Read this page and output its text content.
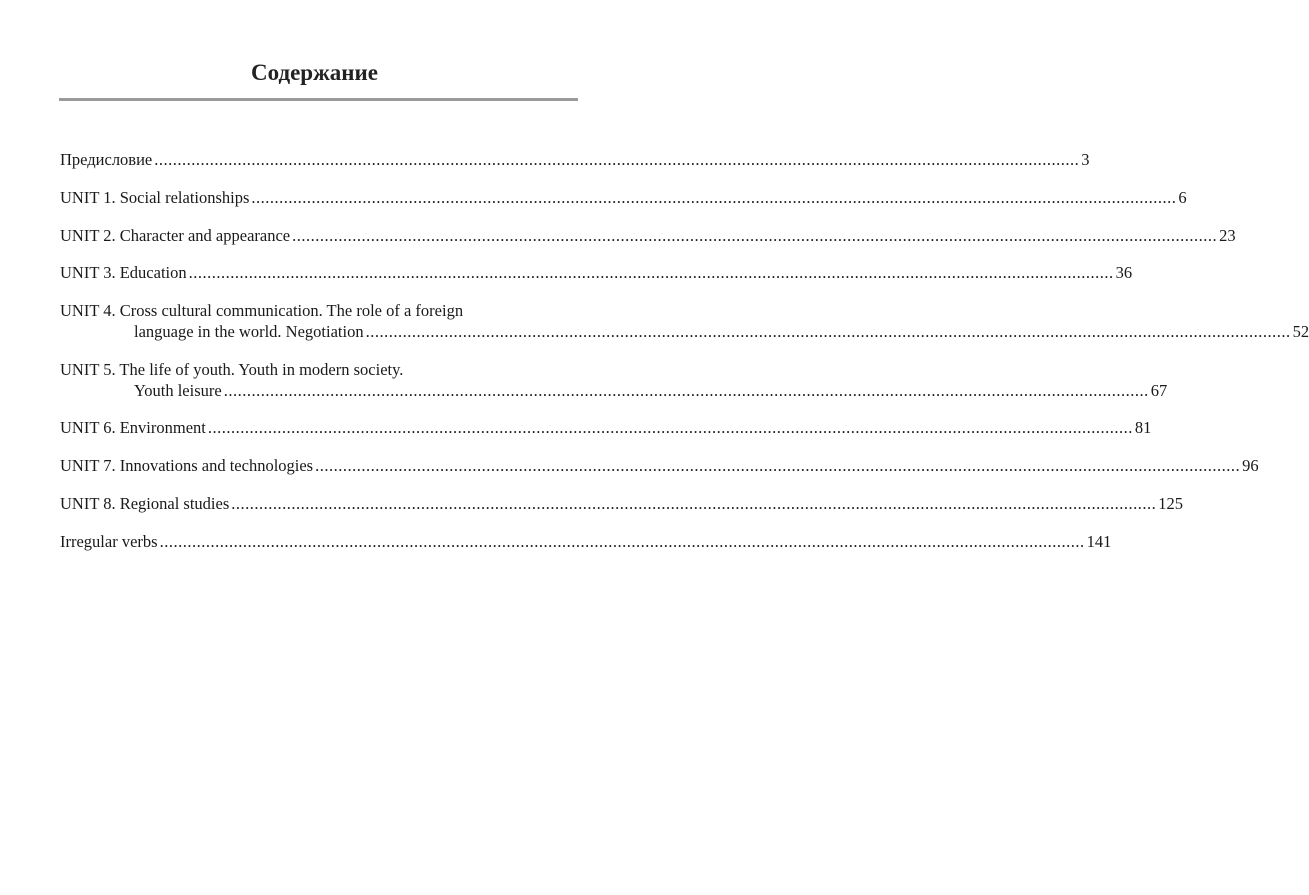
Содержание
Предисловие .....	3
UNIT 1. Social relationships .....	6
UNIT 2. Character and appearance .....	23
UNIT 3. Education .....	36
UNIT 4. Cross cultural communication. The role of a foreign
language in the world. Negotiation .....	52
UNIT 5. The life of youth. Youth in modern society.
Youth leisure .....	67
UNIT 6. Environment .....	81
UNIT 7. Innovations and technologies .....	96
UNIT 8. Regional studies .....	125
Irregular verbs .....	141
